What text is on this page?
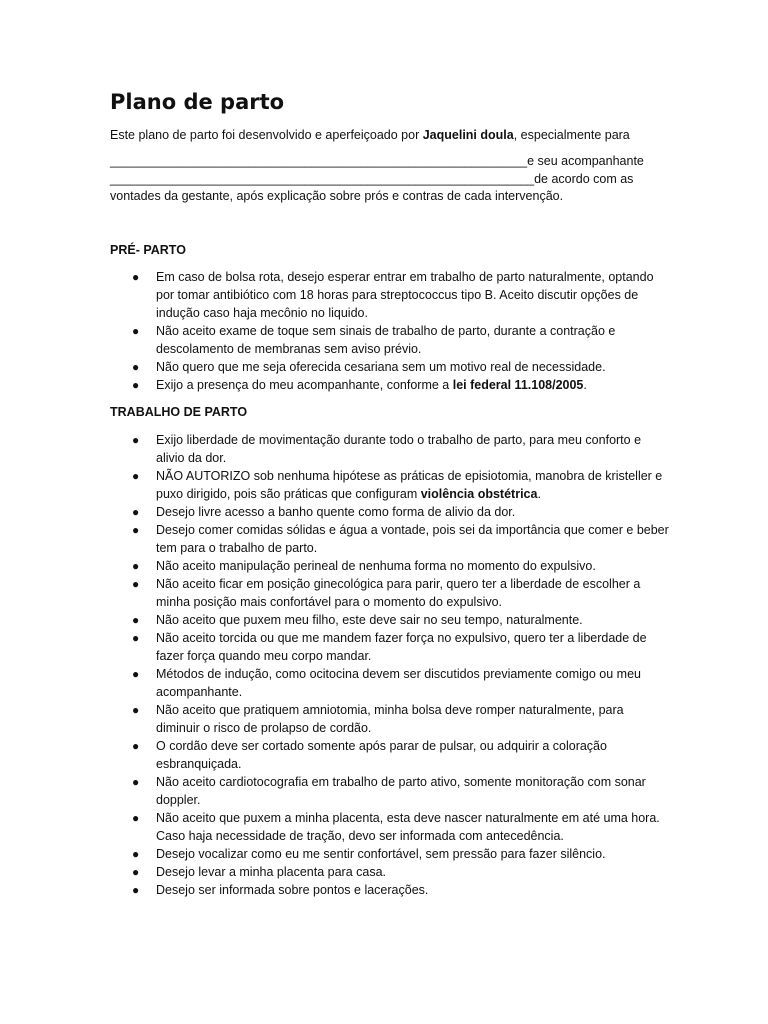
Plano de parto

Este plano de parto foi desenvolvido e aperfeiçoado por Jaquelini doula, especialmente para

____________________________________________________________e seu acompanhante

_____________________________________________________________de acordo com as

vontades da gestante, após explicação sobre prós e contras de cada intervenção.

PRÉ- PARTO
● Em caso de bolsa rota, desejo esperar entrar em trabalho de parto naturalmente, optando por tomar antibiótico com 18 horas para streptococcus tipo B. Aceito discutir opções de indução caso haja mecônio no liquido.
● Não aceito exame de toque sem sinais de trabalho de parto, durante a contração e descolamento de membranas sem aviso prévio.
● Não quero que me seja oferecida cesariana sem um motivo real de necessidade.
● Exijo a presença do meu acompanhante, conforme a lei federal 11.108/2005.
TRABALHO DE PARTO
● Exijo liberdade de movimentação durante todo o trabalho de parto, para meu conforto e alivio da dor.
● NÃO AUTORIZO sob nenhuma hipótese as práticas de episiotomia, manobra de kristeller e puxo dirigido, pois são práticas que configuram violência obstétrica.
● Desejo livre acesso a banho quente como forma de alivio da dor.
● Desejo comer comidas sólidas e água a vontade, pois sei da importância que comer e beber tem para o trabalho de parto.
● Não aceito manipulação perineal de nenhuma forma no momento do expulsivo.
● Não aceito ficar em posição ginecológica para parir, quero ter a liberdade de escolher a minha posição mais confortável para o momento do expulsivo.
● Não aceito que puxem meu filho, este deve sair no seu tempo, naturalmente.
● Não aceito torcida ou que me mandem fazer força no expulsivo, quero ter a liberdade de fazer força quando meu corpo mandar.
● Métodos de indução, como ocitocina devem ser discutidos previamente comigo ou meu acompanhante.
● Não aceito que pratiquem amniotomia, minha bolsa deve romper naturalmente, para diminuir o risco de prolapso de cordão.
● O cordão deve ser cortado somente após parar de pulsar, ou adquirir a coloração esbranquiçada.
● Não aceito cardiotocografia em trabalho de parto ativo, somente monitoração com sonar doppler.
● Não aceito que puxem a minha placenta, esta deve nascer naturalmente em até uma hora. Caso haja necessidade de tração, devo ser informada com antecedência.
● Desejo vocalizar como eu me sentir confortável, sem pressão para fazer silêncio.
● Desejo levar a minha placenta para casa.
● Desejo ser informada sobre pontos e lacerações.
